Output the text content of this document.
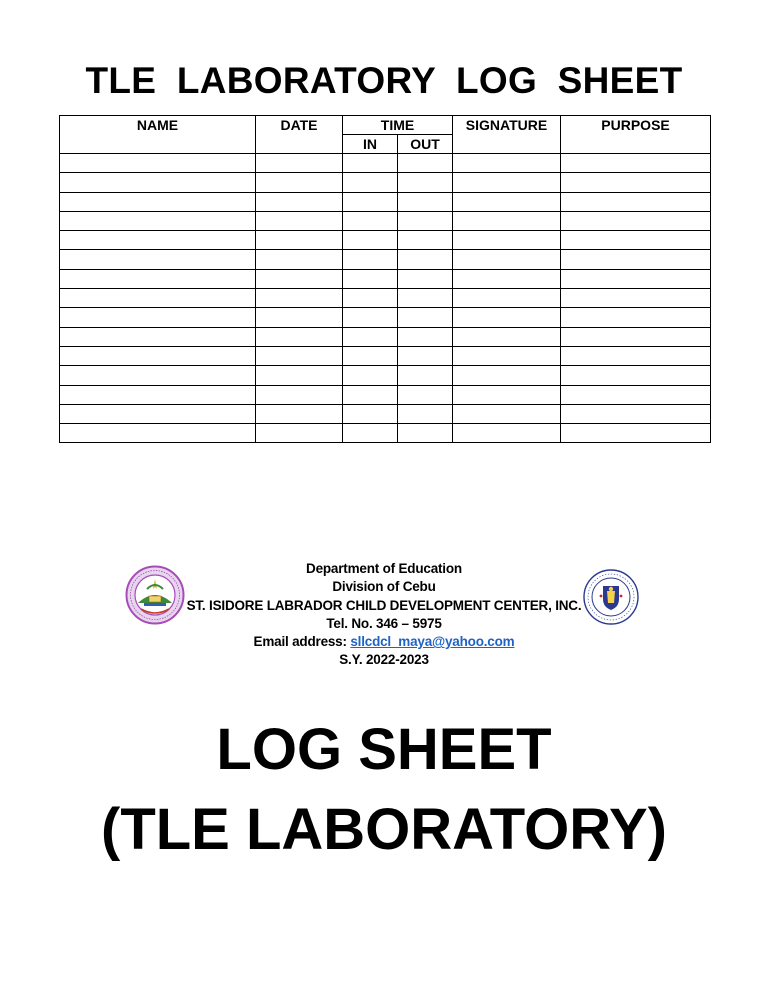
TLE LABORATORY LOG SHEET
NAME	DATE	TIME		SIGNATURE	PURPOSE
		IN	OUT		

Department of Education
Division of Cebu
ST. ISIDORE LABRADOR CHILD DEVELOPMENT CENTER, INC.
Tel. No. 346 – 5975
Email address: sllcdcl_maya@yahoo.com
S.Y. 2022-2023
LOG SHEET
(TLE LABORATORY)
